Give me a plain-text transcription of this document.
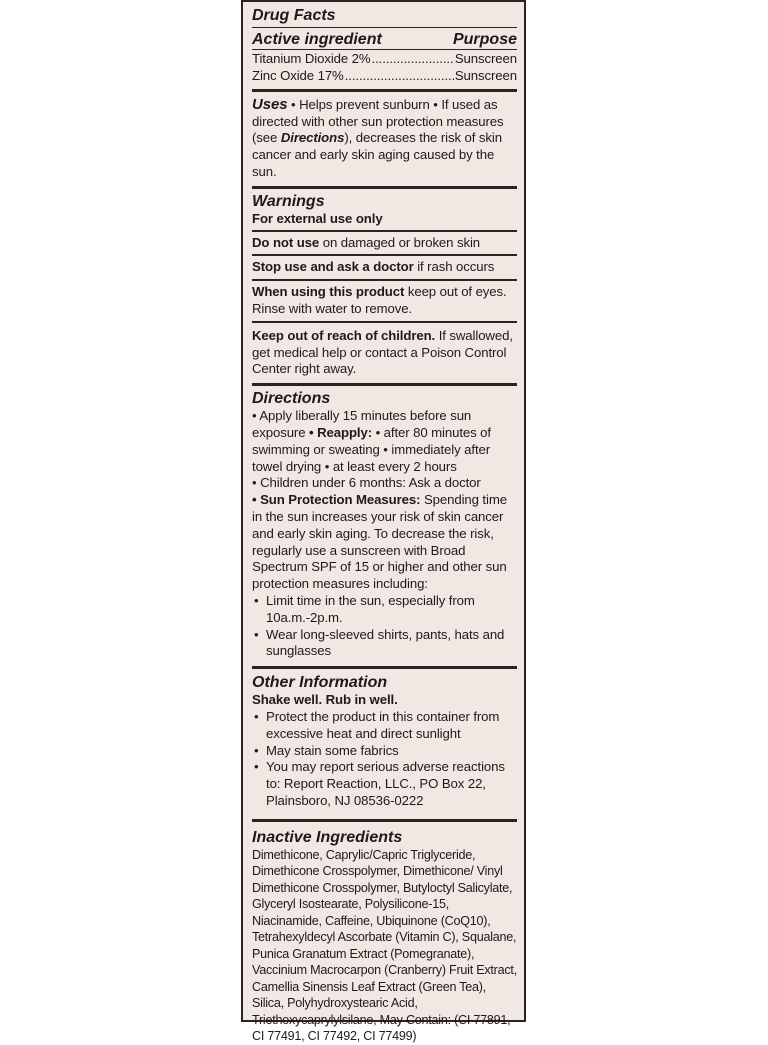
Drug Facts
Active ingredient	Purpose
Titanium Dioxide 2% .....	Sunscreen
Zinc Oxide 17% .....	Sunscreen
Uses • Helps prevent sunburn • If used as directed with other sun protection measures (see Directions), decreases the risk of skin cancer and early skin aging caused by the sun.
Warnings
For external use only
Do not use on damaged or broken skin
Stop use and ask a doctor if rash occurs
When using this product keep out of eyes. Rinse with water to remove.
Keep out of reach of children. If swallowed, get medical help or contact a Poison Control Center right away.
Directions
• Apply liberally 15 minutes before sun exposure • Reapply: • after 80 minutes of swimming or sweating • immediately after towel drying • at least every 2 hours
• Children under 6 months: Ask a doctor
• Sun Protection Measures: Spending time in the sun increases your risk of skin cancer and early skin aging. To decrease the risk, regularly use a sunscreen with Broad Spectrum SPF of 15 or higher and other sun protection measures including:
• Limit time in the sun, especially from 10a.m.-2p.m.
• Wear long-sleeved shirts, pants, hats and sunglasses
Other Information
Shake well. Rub in well.
• Protect the product in this container from excessive heat and direct sunlight
• May stain some fabrics
• You may report serious adverse reactions to: Report Reaction, LLC., PO Box 22, Plainsboro, NJ 08536-0222
Inactive Ingredients
Dimethicone, Caprylic/Capric Triglyceride, Dimethicone Crosspolymer, Dimethicone/ Vinyl Dimethicone Crosspolymer, Butyloctyl Salicylate, Glyceryl Isostearate, Polysilicone-15, Niacinamide, Caffeine, Ubiquinone (CoQ10), Tetrahexyldecyl Ascorbate (Vitamin C), Squalane, Punica Granatum Extract (Pomegranate), Vaccinium Macrocarpon (Cranberry) Fruit Extract, Camellia Sinensis Leaf Extract (Green Tea), Silica, Polyhydroxystearic Acid, Triethoxycaprylylsilane, May Contain: (CI 77891, CI 77491, CI 77492, CI 77499)
